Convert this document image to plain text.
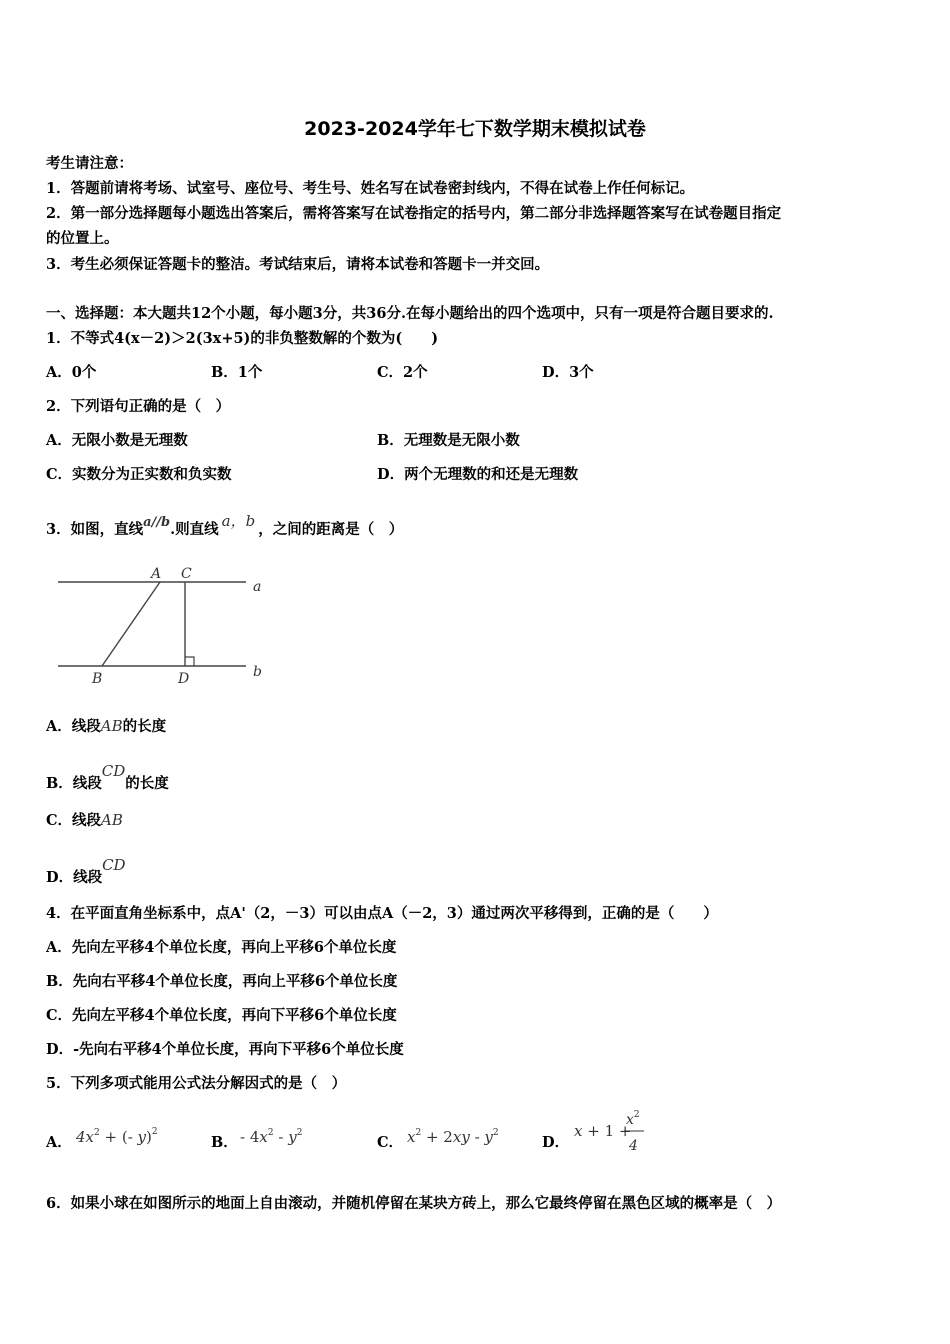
2023-2024学年七下数学期末模拟试卷
考生请注意：
1．答题前请将考场、试室号、座位号、考生号、姓名写在试卷密封线内，不得在试卷上作任何标记。
2．第一部分选择题每小题选出答案后，需将答案写在试卷指定的括号内，第二部分非选择题答案写在试卷题目指定
的位置上。
3．考生必须保证答题卡的整洁。考试结束后，请将本试卷和答题卡一并交回。
一、选择题：本大题共12个小题，每小题3分，共36分.在每小题给出的四个选项中，只有一项是符合题目要求的.
1．不等式4(x－2)＞2(3x+5)的非负整数解的个数为(　　)
A．0个	B．1个	C．2个	D．3个
2．下列语句正确的是（　）
A．无限小数是无理数	B．无理数是无限小数
C．实数分为正实数和负实数	D．两个无理数的和还是无理数
3．如图，直线a//b.则直线 a，b ，之间的距离是（　）
A C
a
B	D	b
A．线段AB的长度
B．线段CD的长度
C．线段AB
D．线段CD
4．在平面直角坐标系中，点A'（2，－3）可以由点A（－2，3）通过两次平移得到，正确的是（　　）
A．先向左平移4个单位长度，再向上平移6个单位长度
B．先向右平移4个单位长度，再向上平移6个单位长度
C．先向左平移4个单位长度，再向下平移6个单位长度
D．-先向右平移4个单位长度，再向下平移6个单位长度
5．下列多项式能用公式法分解因式的是（　）
A． $4x^2$ + (- y)$^2$
B． - $4x^2 - y^2$
C． $x^2 + 2xy - y^2$
D．
x + 1 +
$x^2$
4
6．如果小球在如图所示的地面上自由滚动，并随机停留在某块方砖上，那么它最终停留在黑色区域的概率是（　）
